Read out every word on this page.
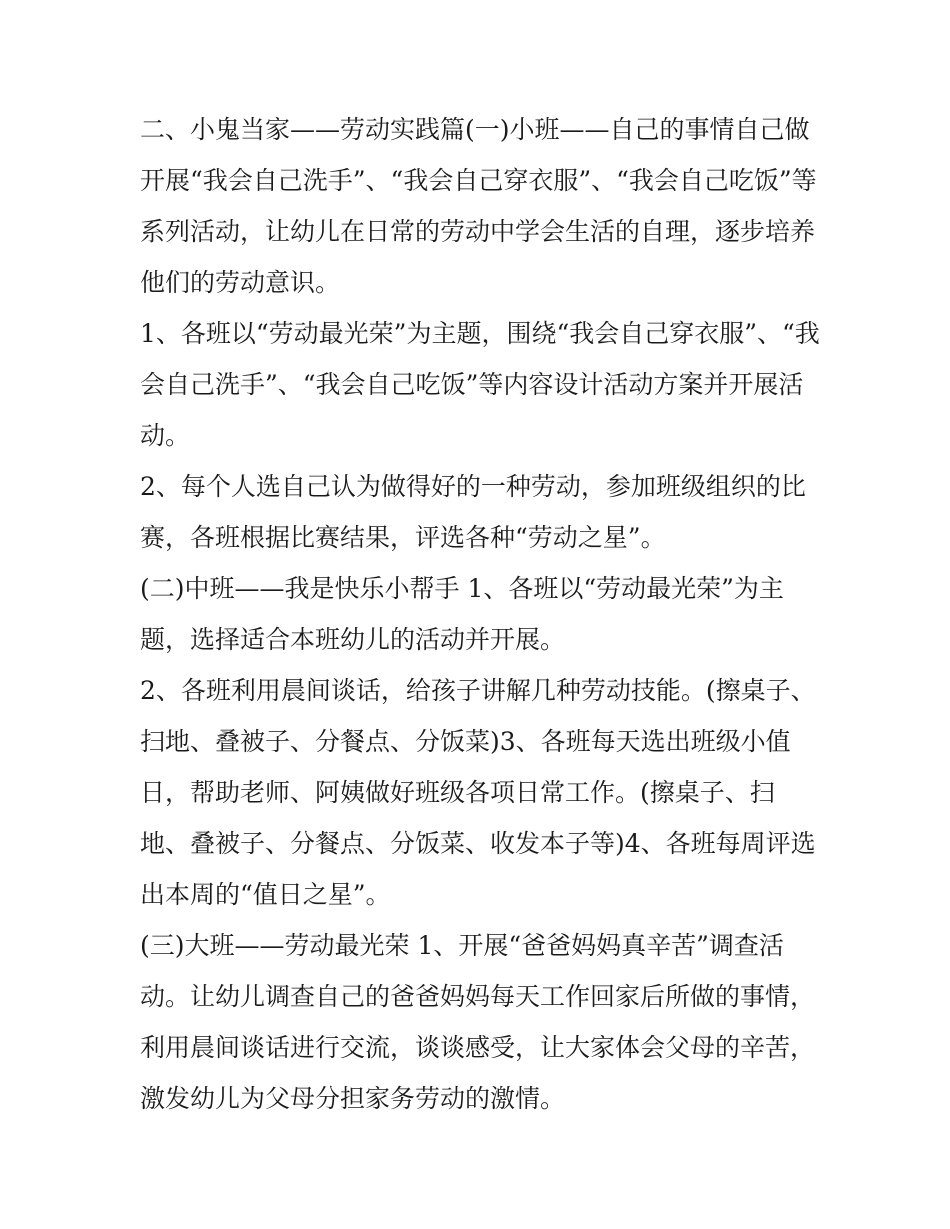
二、小鬼当家——劳动实践篇(一)小班——自己的事情自己做
开展“我会自己洗手”、“我会自己穿衣服”、“我会自己吃饭”等
系列活动，让幼儿在日常的劳动中学会生活的自理，逐步培养
他们的劳动意识。
1、各班以“劳动最光荣”为主题，围绕“我会自己穿衣服”、“我
会自己洗手”、“我会自己吃饭”等内容设计活动方案并开展活
动。
2、每个人选自己认为做得好的一种劳动，参加班级组织的比
赛，各班根据比赛结果，评选各种“劳动之星”。
(二)中班——我是快乐小帮手 1、各班以“劳动最光荣”为主
题，选择适合本班幼儿的活动并开展。
2、各班利用晨间谈话，给孩子讲解几种劳动技能。(擦桌子、
扫地、叠被子、分餐点、分饭菜)3、各班每天选出班级小值
日，帮助老师、阿姨做好班级各项日常工作。(擦桌子、扫
地、叠被子、分餐点、分饭菜、收发本子等)4、各班每周评选
出本周的“值日之星”。
(三)大班——劳动最光荣 1、开展“爸爸妈妈真辛苦”调查活
动。让幼儿调查自己的爸爸妈妈每天工作回家后所做的事情，
利用晨间谈话进行交流，谈谈感受，让大家体会父母的辛苦，
激发幼儿为父母分担家务劳动的激情。
